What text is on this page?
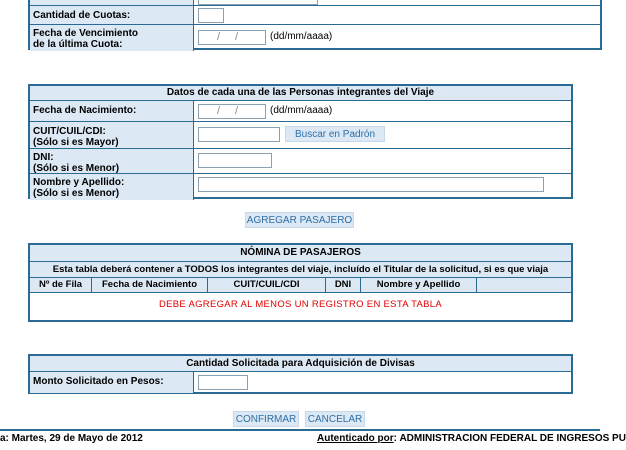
Cantidad de Cuotas:
Fecha de Vencimiento
de la última Cuota:
/ /	(dd/mm/aaaa)
Datos de cada una de las Personas integrantes del Viaje
Fecha de Nacimiento:	/ /	(dd/mm/aaaa)
CUIT/CUIL/CDI:
(Sólo si es Mayor)
Buscar en Padrón
DNI:
(Sólo si es Menor)
Nombre y Apellido:
(Sólo si es Menor)
AGREGAR PASAJERO
NÓMINA DE PASAJEROS
Esta tabla deberá contener a TODOS los integrantes del viaje, incluído el Titular de la solicitud, si es que viaja
Nº de Fila	Fecha de Nacimiento	CUIT/CUIL/CDI	DNI	Nombre y Apellido
DEBE AGREGAR AL MENOS UN REGISTRO EN ESTA TABLA
Cantidad Solicitada para Adquisición de Divisas
Monto Solicitado en Pesos:
CONFIRMAR CANCELAR
a: Martes, 29 de Mayo de 2012	Autenticado por: ADMINISTRACION FEDERAL DE INGRESOS PU
